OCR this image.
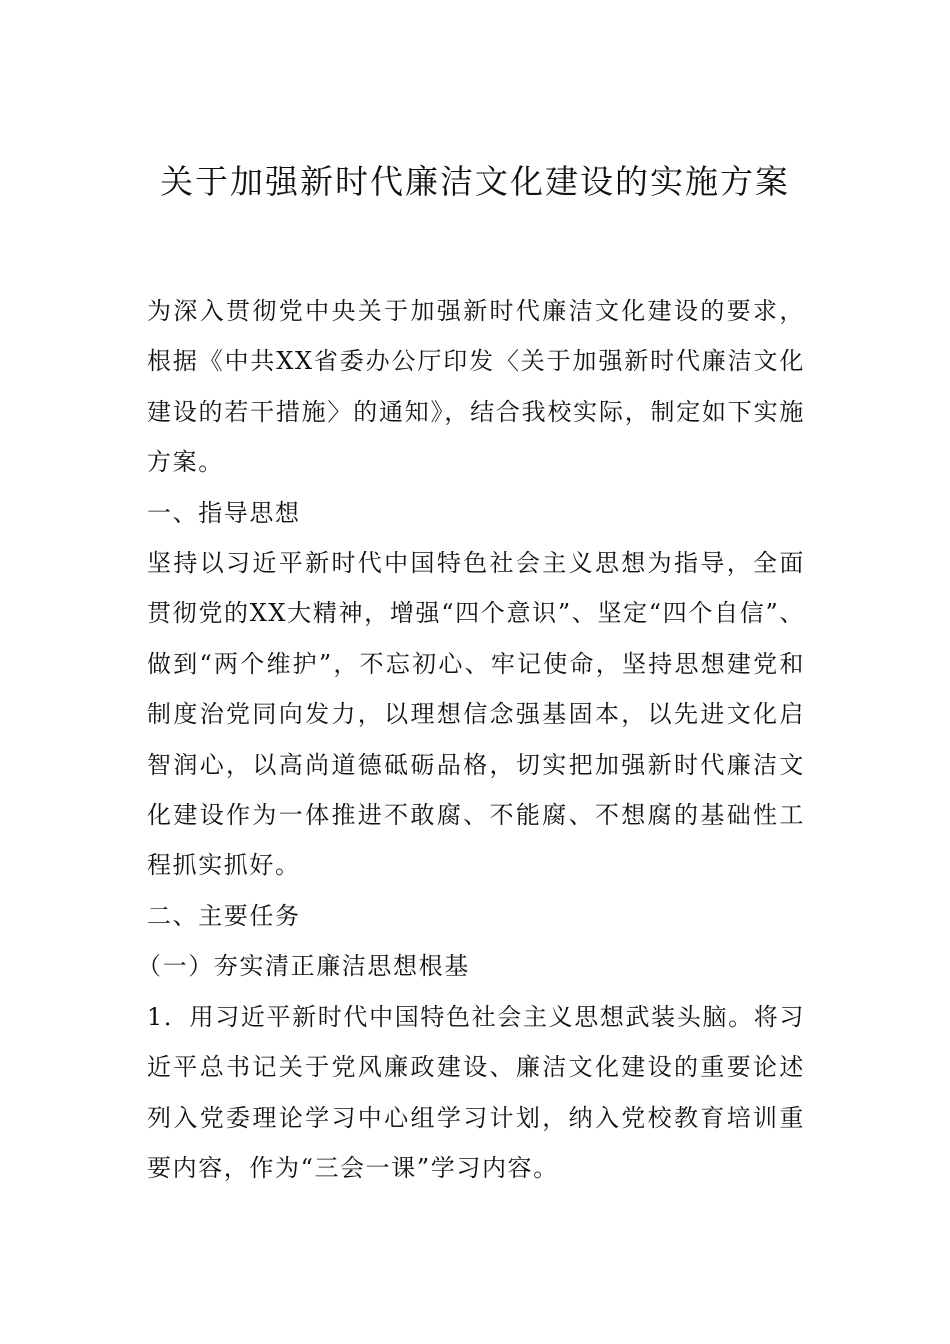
关于加强新时代廉洁文化建设的实施方案

为深入贯彻党中央关于加强新时代廉洁文化建设的要求，根据《中共XX省委办公厅印发〈关于加强新时代廉洁文化建设的若干措施〉的通知》，结合我校实际，制定如下实施方案。

一、指导思想

坚持以习近平新时代中国特色社会主义思想为指导，全面贯彻党的XX大精神，增强“四个意识”、坚定“四个自信”、做到“两个维护”，不忘初心、牢记使命，坚持思想建党和制度治党同向发力，以理想信念强基固本，以先进文化启智润心，以高尚道德砥砺品格，切实把加强新时代廉洁文化建设作为一体推进不敢腐、不能腐、不想腐的基础性工程抓实抓好。

二、主要任务

（一）夯实清正廉洁思想根基

1．用习近平新时代中国特色社会主义思想武装头脑。将习近平总书记关于党风廉政建设、廉洁文化建设的重要论述列入党委理论学习中心组学习计划，纳入党校教育培训重要内容，作为“三会一课”学习内容。
